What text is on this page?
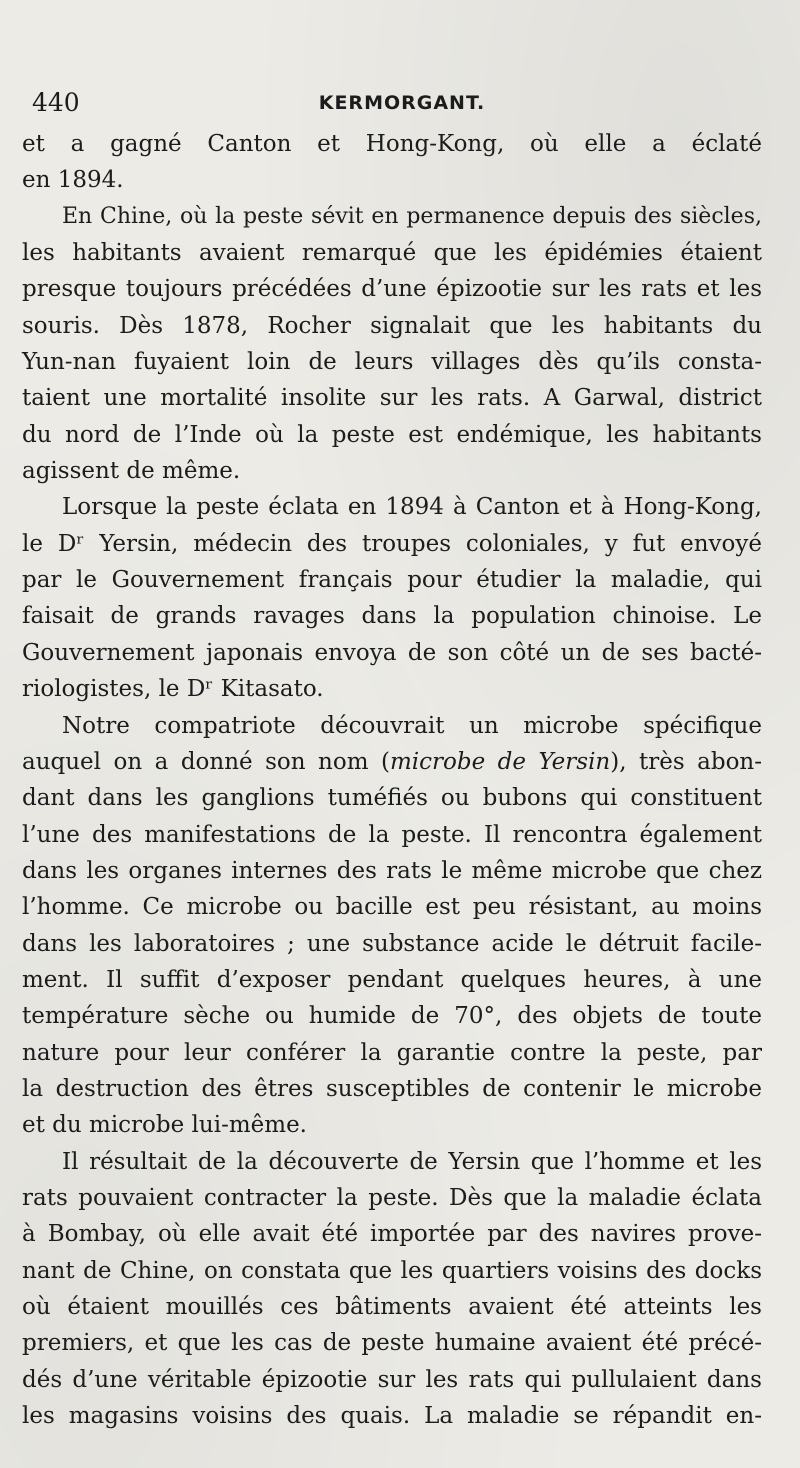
440	KERMORGANT.
et a gagné Canton et Hong-Kong, où elle a éclaté
en 1894.
En Chine, où la peste sévit en permanence depuis des siècles,
les habitants avaient remarqué que les épidémies étaient
presque toujours précédées d’une épizootie sur les rats et les
souris. Dès 1878, Rocher signalait que les habitants du
Yun-nan fuyaient loin de leurs villages dès qu’ils consta-
taient une mortalité insolite sur les rats. A Garwal, district
du nord de l’Inde où la peste est endémique, les habitants
agissent de même.
Lorsque la peste éclata en 1894 à Canton et à Hong-Kong,
le Dʳ Yersin, médecin des troupes coloniales, y fut envoyé
par le Gouvernement français pour étudier la maladie, qui
faisait de grands ravages dans la population chinoise. Le
Gouvernement japonais envoya de son côté un de ses bacté-
riologistes, le Dʳ Kitasato.
Notre compatriote découvrait un microbe spécifique
auquel on a donné son nom (microbe de Yersin), très abon-
dant dans les ganglions tuméfiés ou bubons qui constituent
l’une des manifestations de la peste. Il rencontra également
dans les organes internes des rats le même microbe que chez
l’homme. Ce microbe ou bacille est peu résistant, au moins
dans les laboratoires ; une substance acide le détruit facile-
ment. Il suffit d’exposer pendant quelques heures, à une
température sèche ou humide de 70°, des objets de toute
nature pour leur conférer la garantie contre la peste, par
la destruction des êtres susceptibles de contenir le microbe
et du microbe lui-même.
Il résultait de la découverte de Yersin que l’homme et les
rats pouvaient contracter la peste. Dès que la maladie éclata
à Bombay, où elle avait été importée par des navires prove-
nant de Chine, on constata que les quartiers voisins des docks
où étaient mouillés ces bâtiments avaient été atteints les
premiers, et que les cas de peste humaine avaient été précé-
dés d’une véritable épizootie sur les rats qui pullulaient dans
les magasins voisins des quais. La maladie se répandit en-
